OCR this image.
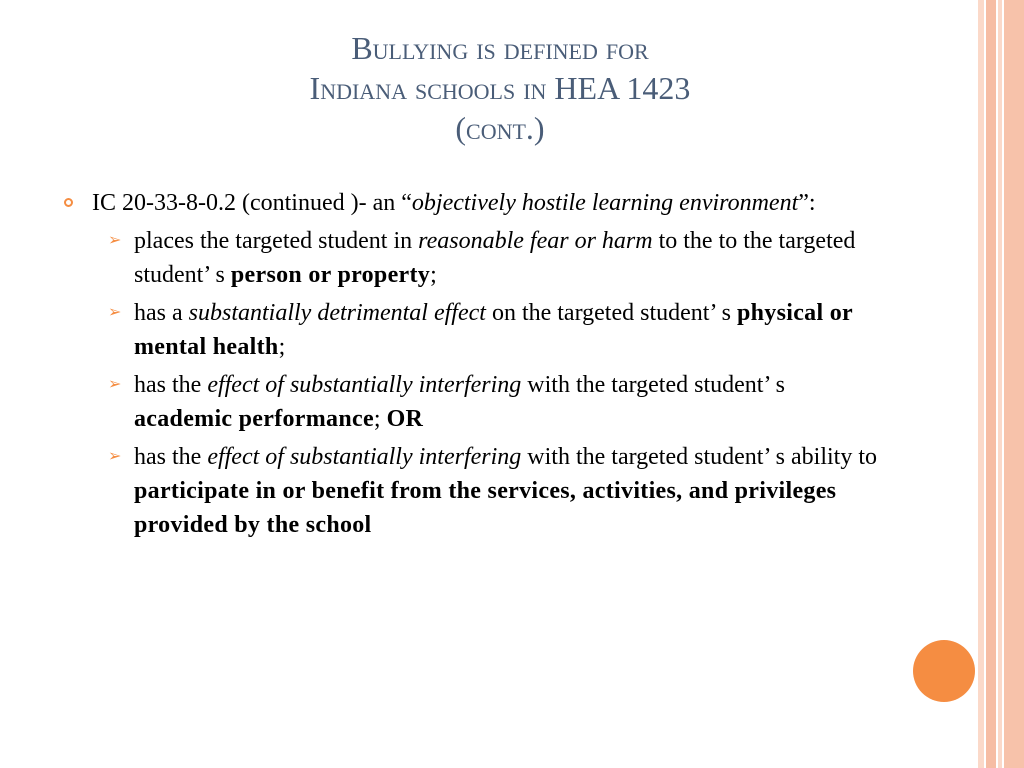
Bullying is defined for
Indiana schools in HEA 1423
(cont.)
IC 20-33-8-0.2 (continued )- an “objectively hostile learning environment”:
➢ places the targeted student in reasonable fear or harm to the to the targeted student’ s person or property;
➢ has a substantially detrimental effect on the targeted student’ s physical or mental health;
➢ has the effect of substantially interfering with the targeted student’ s academic performance; OR
➢ has the effect of substantially interfering with the targeted student’ s ability to participate in or benefit from the services, activities, and privileges provided by the school
